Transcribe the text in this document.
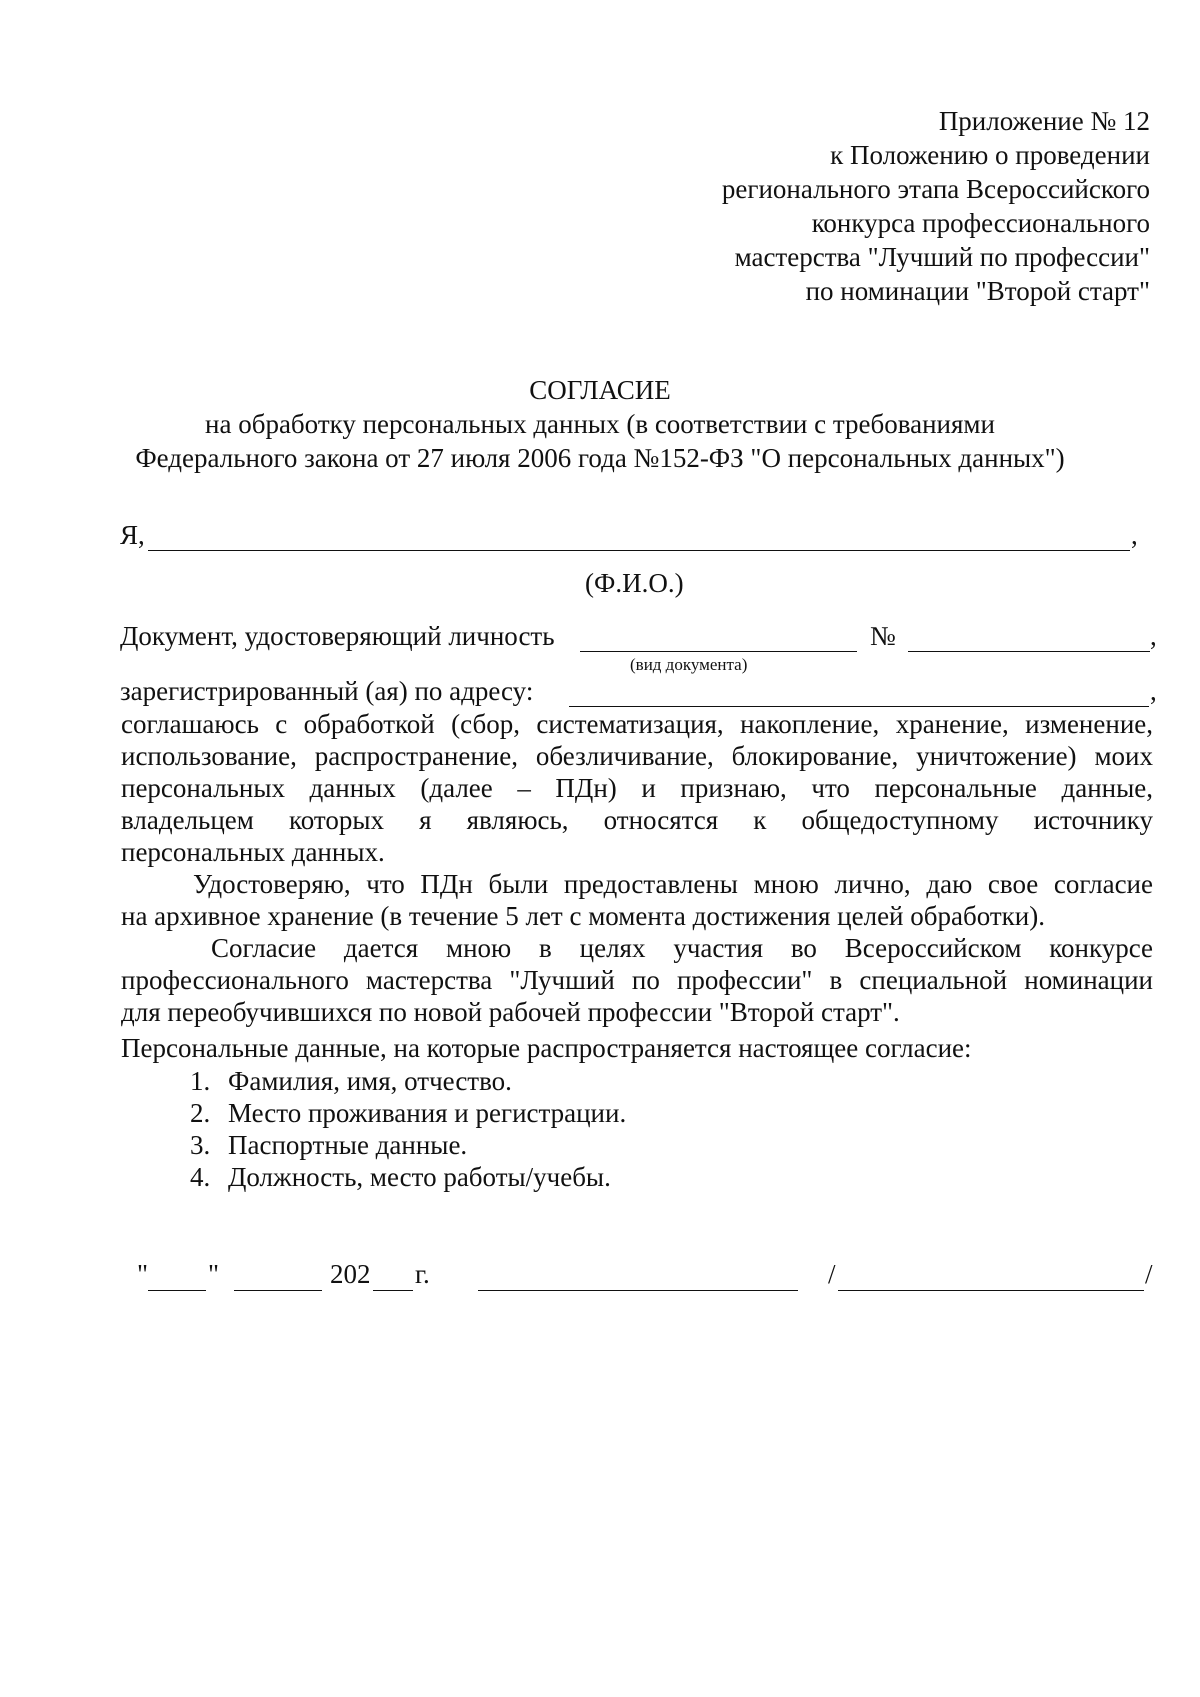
Приложение № 12
к Положению о проведении
регионального этапа Всероссийского
конкурса профессионального
мастерства "Лучший по профессии"
по номинации "Второй старт"
СОГЛАСИЕ
на обработку персональных данных (в соответствии с требованиями
Федерального закона от 27 июля 2006 года №152-ФЗ "О персональных данных")
Я,	,
(Ф.И.О.)
Документ, удостоверяющий личность	№	,
(вид документа)
зарегистрированный (ая) по адресу:	,
соглашаюсь с обработкой (сбор, систематизация, накопление, хранение, изменение,
использование, распространение, обезличивание, блокирование, уничтожение) моих
персональных данных (далее – ПДн) и признаю, что персональные данные,
владельцем которых я являюсь, относятся к общедоступному источнику
персональных данных.
Удостоверяю, что ПДн были предоставлены мною лично, даю свое согласие
на архивное хранение (в течение 5 лет с момента достижения целей обработки).
Согласие дается мною в целях участия во Всероссийском конкурсе
профессионального мастерства "Лучший по профессии" в специальной номинации
для переобучившихся по новой рабочей профессии "Второй старт".
Персональные данные, на которые распространяется настоящее согласие:
1. Фамилия, имя, отчество.
2. Место проживания и регистрации.
3. Паспортные данные.
4. Должность, место работы/учебы.
" "	202 г.	/	/
